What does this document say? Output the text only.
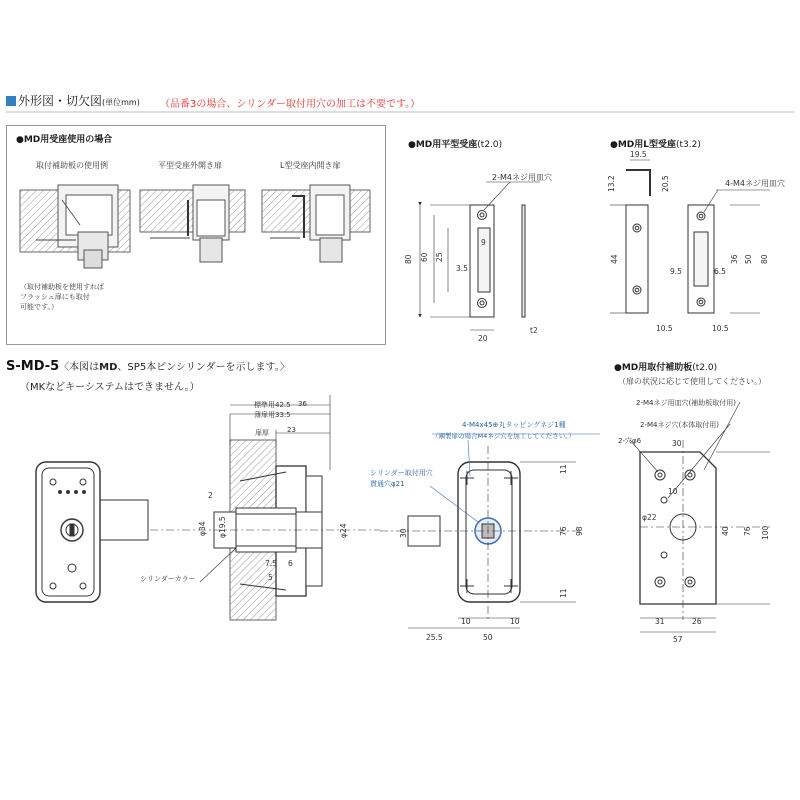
外形図・切欠図(単位mm) （品番3の場合、シリンダー取付用穴の加工は不要です。）
●MD用受座使用の場合
取付補助板の使用例	平型受座外開き扉	L型受座内開き扉
（取付補助板を使用すれば
フラッシュ扉にも取付
可能です。）
●MD用平型受座(t2.0)
2-M4ネジ用皿穴
●MD用L型受座(t3.2)
4-M4ネジ用皿穴
S-MD-5〈本図はMD、SP5本ピンシリンダーを示します。〉
（MKなどキーシステムはできません。）
●MD用取付補助板(t2.0)
（扉の状況に応じて使用してください。）
2-M4ネジ用皿穴(補助板取付用)
2-M4ネジ穴(本体取付用)
2-穴φ6
4-M4x45⊕丸タッピングネジ1種
（鋼製扉の場合M4ネジ穴を加工してください。）
シリンダー取付用穴
貫通穴φ21
標準用42.5
薄扉用33.5
扉厚
36
23
シリンダーカラー
80 60 25
9
3.5
20
t2
19.5
20.5
13.2
44	36 50 80
9.5	6.5
10.5	10.5
2
φ34 φ19.5	φ24
7.5 6
5
30
11
11
76 98
25.5
10	10
50
30
10
φ22
40 76 100
31	26
57
